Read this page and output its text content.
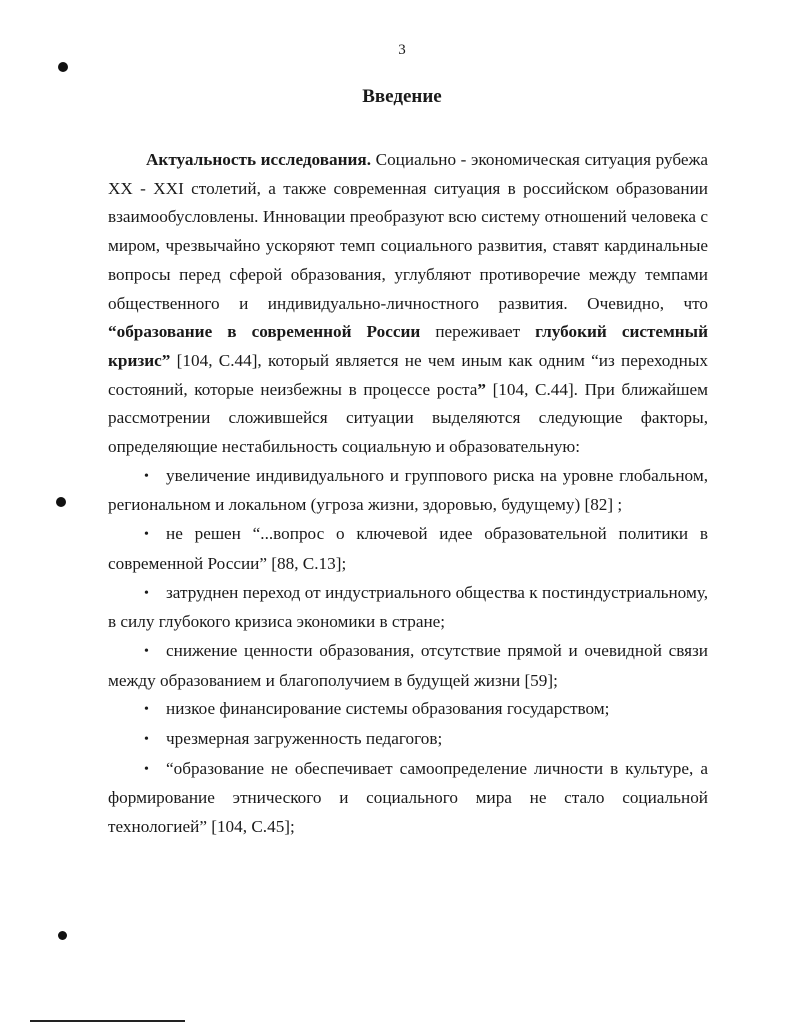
3
Введение

Актуальность исследования. Социально - экономическая ситуация рубежа XX - XXI столетий, а также современная ситуация в российском образовании взаимообусловлены. Инновации преобразуют всю систему отношений человека с миром, чрезвычайно ускоряют темп социального развития, ставят кардинальные вопросы перед сферой образования, углубляют противоречие между темпами общественного и индивидуально-личностного развития. Очевидно, что “образование в современной России переживает глубокий системный кризис” [104, С.44], который является не чем иным как одним “из переходных состояний, которые неизбежны в процессе роста” [104, С.44]. При ближайшем рассмотрении сложившейся ситуации выделяются следующие факторы, определяющие нестабильность социальную и образовательную:

• увеличение индивидуального и группового риска на уровне глобальном, региональном и локальном (угроза жизни, здоровью, будущему) [82] ;

• не решен “...вопрос о ключевой идее образовательной политики в современной России” [88, С.13];

• затруднен переход от индустриального общества к постиндустриальному, в силу глубокого кризиса экономики в стране;

• снижение ценности образования, отсутствие прямой и очевидной связи между образованием и благополучием в будущей жизни [59];

• низкое финансирование системы образования государством;

• чрезмерная загруженность педагогов;

• “образование не обеспечивает самоопределение личности в культуре, а формирование этнического и социального мира не стало социальной технологией” [104, С.45];
